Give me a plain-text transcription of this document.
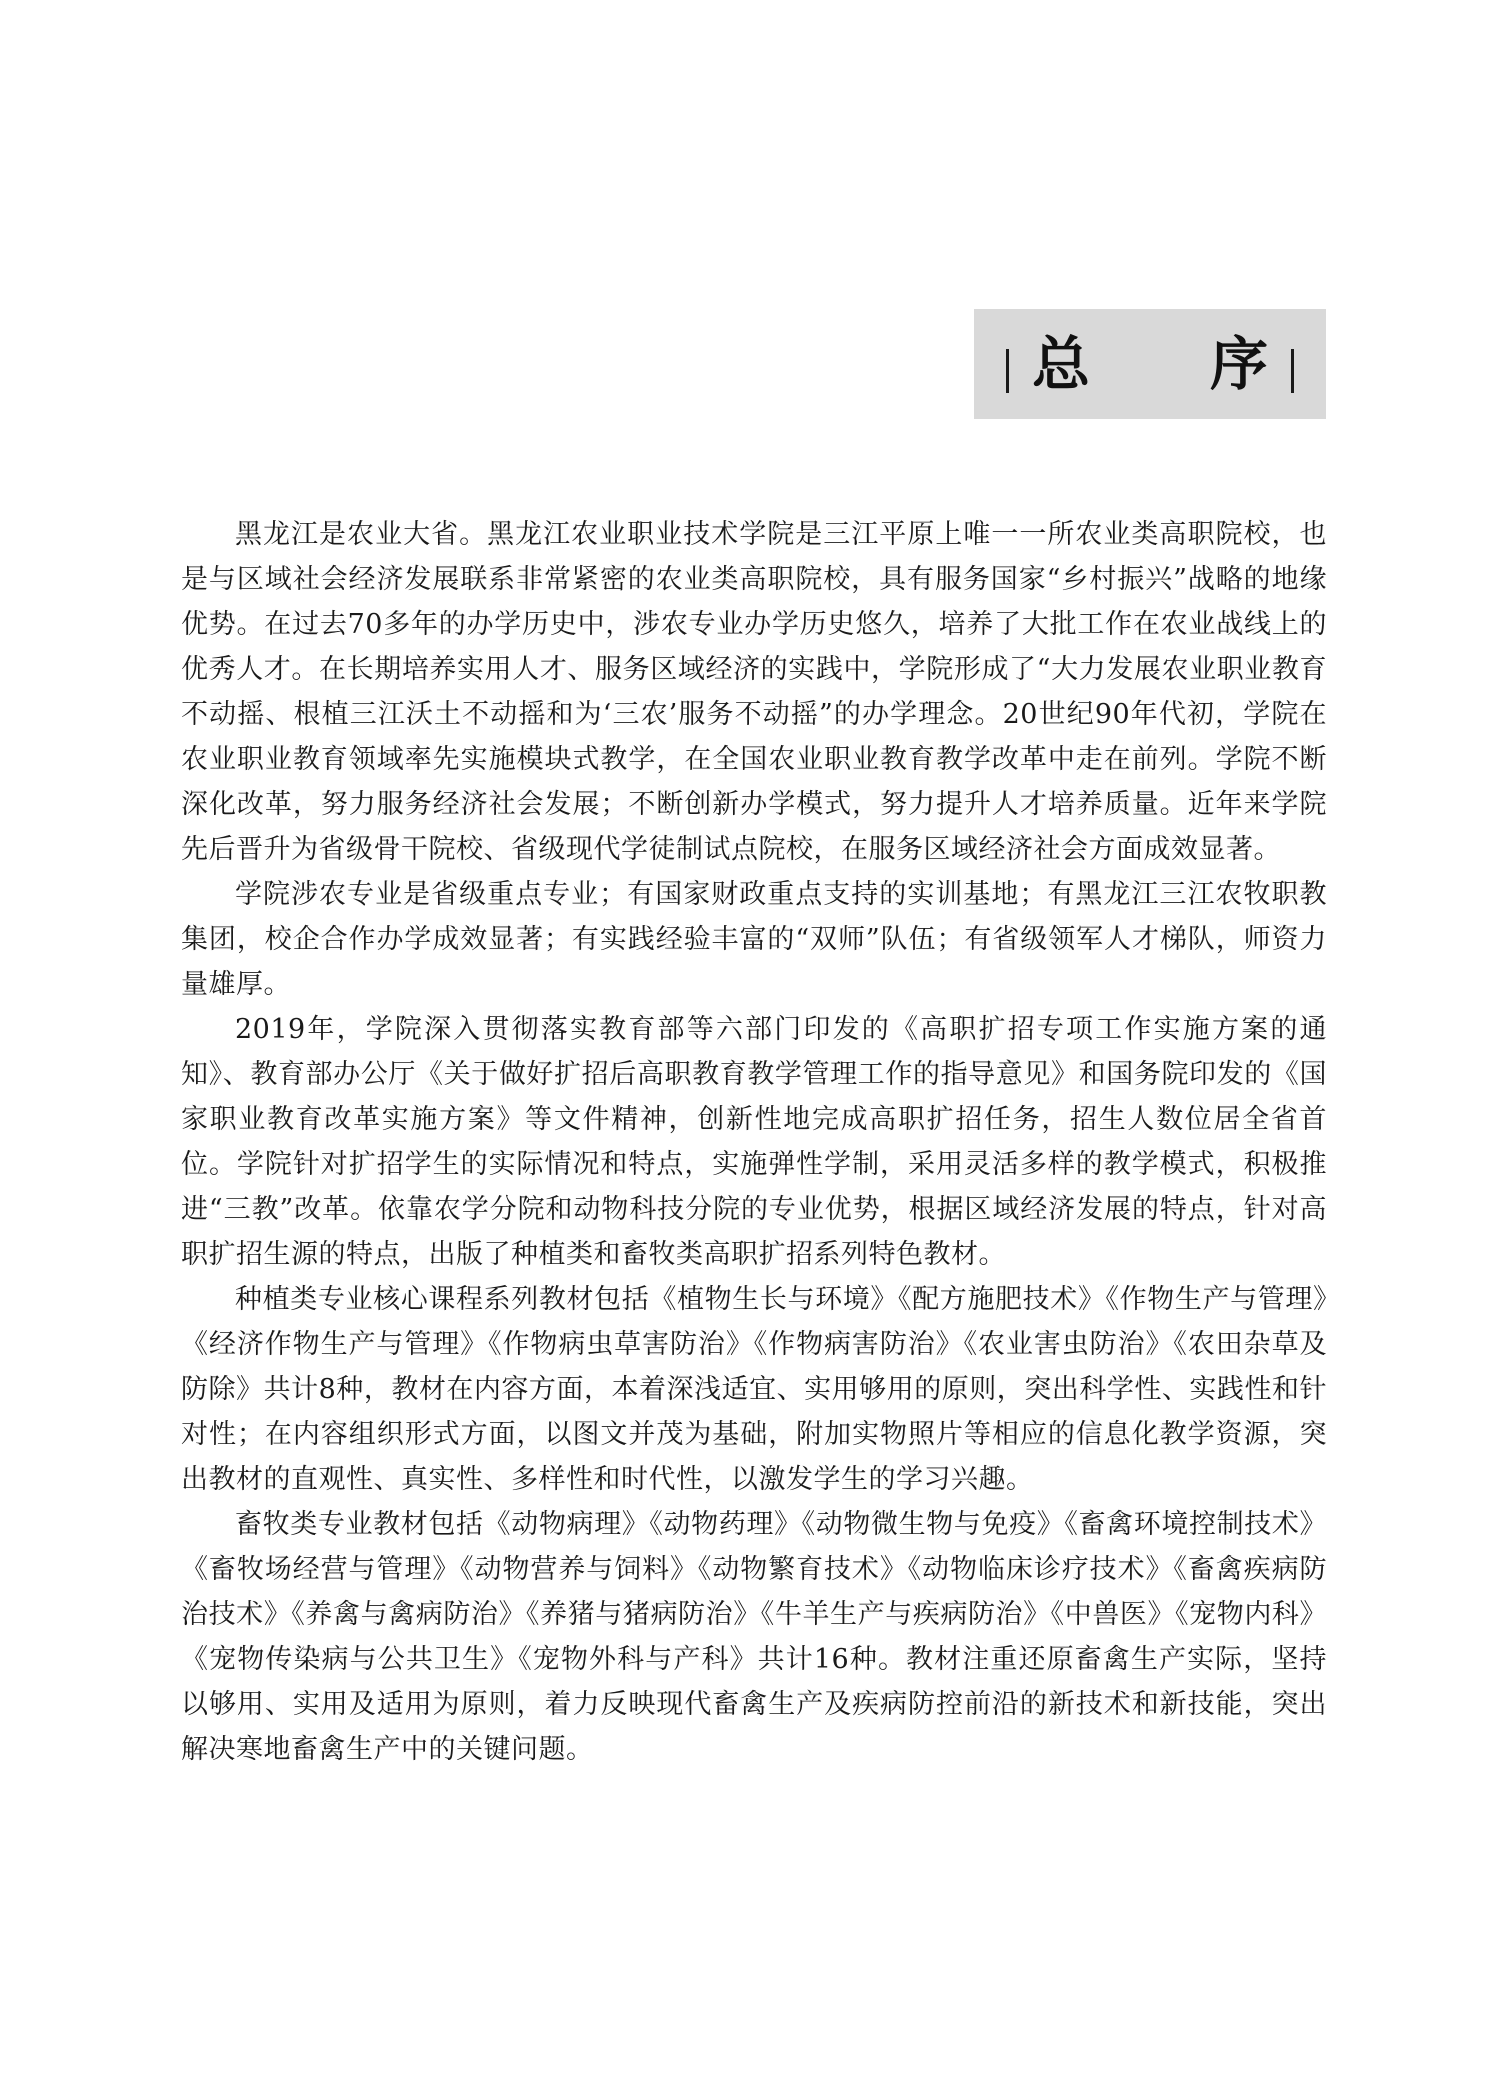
总 序

黑龙江是农业大省。黑龙江农业职业技术学院是三江平原上唯一一所农业类高职院校，也是与区域社会经济发展联系非常紧密的农业类高职院校，具有服务国家“乡村振兴”战略的地缘优势。在过去70多年的办学历史中，涉农专业办学历史悠久，培养了大批工作在农业战线上的优秀人才。在长期培养实用人才、服务区域经济的实践中，学院形成了“大力发展农业职业教育不动摇、根植三江沃土不动摇和为‘三农’服务不动摇”的办学理念。20世纪90年代初，学院在农业职业教育领域率先实施模块式教学，在全国农业职业教育教学改革中走在前列。学院不断深化改革，努力服务经济社会发展；不断创新办学模式，努力提升人才培养质量。近年来学院先后晋升为省级骨干院校、省级现代学徒制试点院校，在服务区域经济社会方面成效显著。

学院涉农专业是省级重点专业；有国家财政重点支持的实训基地；有黑龙江三江农牧职教集团，校企合作办学成效显著；有实践经验丰富的“双师”队伍；有省级领军人才梯队，师资力量雄厚。

2019年，学院深入贯彻落实教育部等六部门印发的《高职扩招专项工作实施方案的通知》、教育部办公厅《关于做好扩招后高职教育教学管理工作的指导意见》和国务院印发的《国家职业教育改革实施方案》等文件精神，创新性地完成高职扩招任务，招生人数位居全省首位。学院针对扩招学生的实际情况和特点，实施弹性学制，采用灵活多样的教学模式，积极推进“三教”改革。依靠农学分院和动物科技分院的专业优势，根据区域经济发展的特点，针对高职扩招生源的特点，出版了种植类和畜牧类高职扩招系列特色教材。

种植类专业核心课程系列教材包括《植物生长与环境》《配方施肥技术》《作物生产与管理》《经济作物生产与管理》《作物病虫草害防治》《作物病害防治》《农业害虫防治》《农田杂草及防除》共计8种，教材在内容方面，本着深浅适宜、实用够用的原则，突出科学性、实践性和针对性；在内容组织形式方面，以图文并茂为基础，附加实物照片等相应的信息化教学资源，突出教材的直观性、真实性、多样性和时代性，以激发学生的学习兴趣。

畜牧类专业教材包括《动物病理》《动物药理》《动物微生物与免疫》《畜禽环境控制技术》《畜牧场经营与管理》《动物营养与饲料》《动物繁育技术》《动物临床诊疗技术》《畜禽疾病防治技术》《养禽与禽病防治》《养猪与猪病防治》《牛羊生产与疾病防治》《中兽医》《宠物内科》《宠物传染病与公共卫生》《宠物外科与产科》共计16种。教材注重还原畜禽生产实际，坚持以够用、实用及适用为原则，着力反映现代畜禽生产及疾病防控前沿的新技术和新技能，突出解决寒地畜禽生产中的关键问题。
